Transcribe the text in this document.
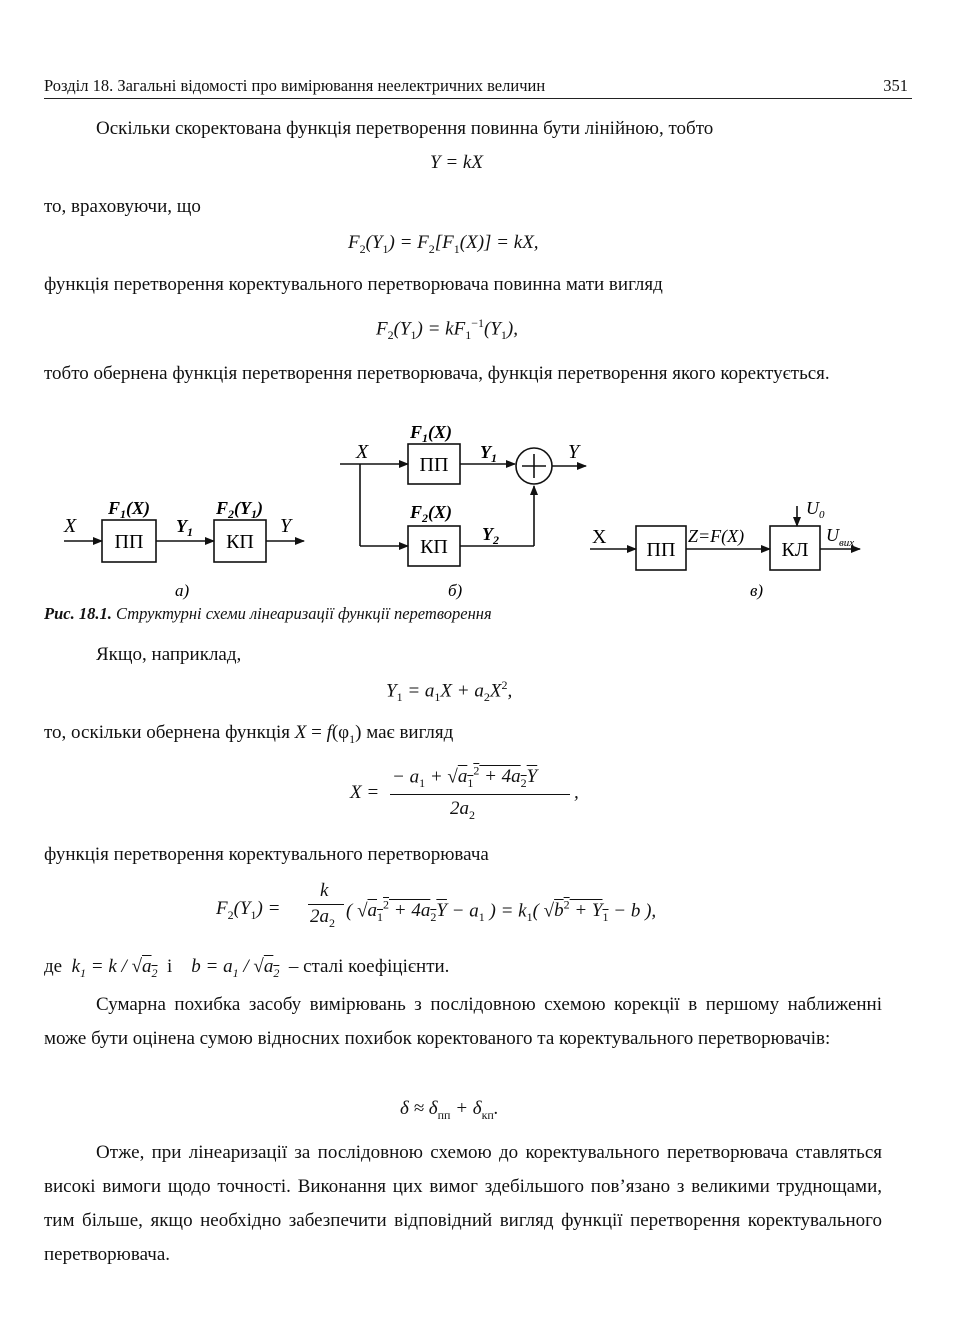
Розділ 18. Загальні відомості про вимірювання неелектричних величин	351
Оскільки скоректована функція перетворення повинна бути лінійною, тобто
Y = kX
то, враховуючи, що
$F_2(Y_1) = F_2[F_1(X)]$ = kX,
функція перетворення коректувального перетворювача повинна мати вигляд
$F_2(Y_1) = kF_1^{-1}(Y_1)$,
тобто обернена функція перетворення перетворювача, функція перетворення якого коректується.
X
ПП
$F_1(X)$
$Y_1$ КП
$F_2(Y_1)$
Y
X
ПП
$F_1(X)$
$Y_1$	Y
КП
$F_2(X)$
$Y_2$	X
ПП
Z=F(X)
КЛ
$U_0$
$U_{вих}$
а)	б)	в)
Рис. 18.1. Структурні схеми лінеаризації функції перетворення
Якщо, наприклад,
$Y_1 = a_1X + a_2X^2$,
то, оскільки обернена функція $X = f(\varphi_1)$ має вигляд
X =
− $a_1 + √a_1^2 + 4a_2Y$
$2a_2$
,
функція перетворення коректувального перетворювача
$F_2(Y_1)$ =
k
$2a_2$
( $√a_1^2 + 4a_2Y - a_1$ ) = $k_1$( $√b^2 + Y_1 - b$ ),
де  $k_1 = k / √a_2$ і $b = a_1 / √a_2$ – сталі коефіцієнти.
Сумарна похибка засобу вимірювань з послідовною схемою корекції в першому наближенні може бути оцінена сумою відносних похибок коректованого та коректувального перетворювачів:
$\delta \approx \delta_{пп} + \delta_{кп}$.
Отже, при лінеаризації за послідовною схемою до коректувального перетворювача ставляться високі вимоги щодо точності. Виконання цих вимог здебільшого пов’язано з великими труднощами, тим більше, якщо необхідно забезпечити відповідний вигляд функції перетворення коректувального перетворювача.
